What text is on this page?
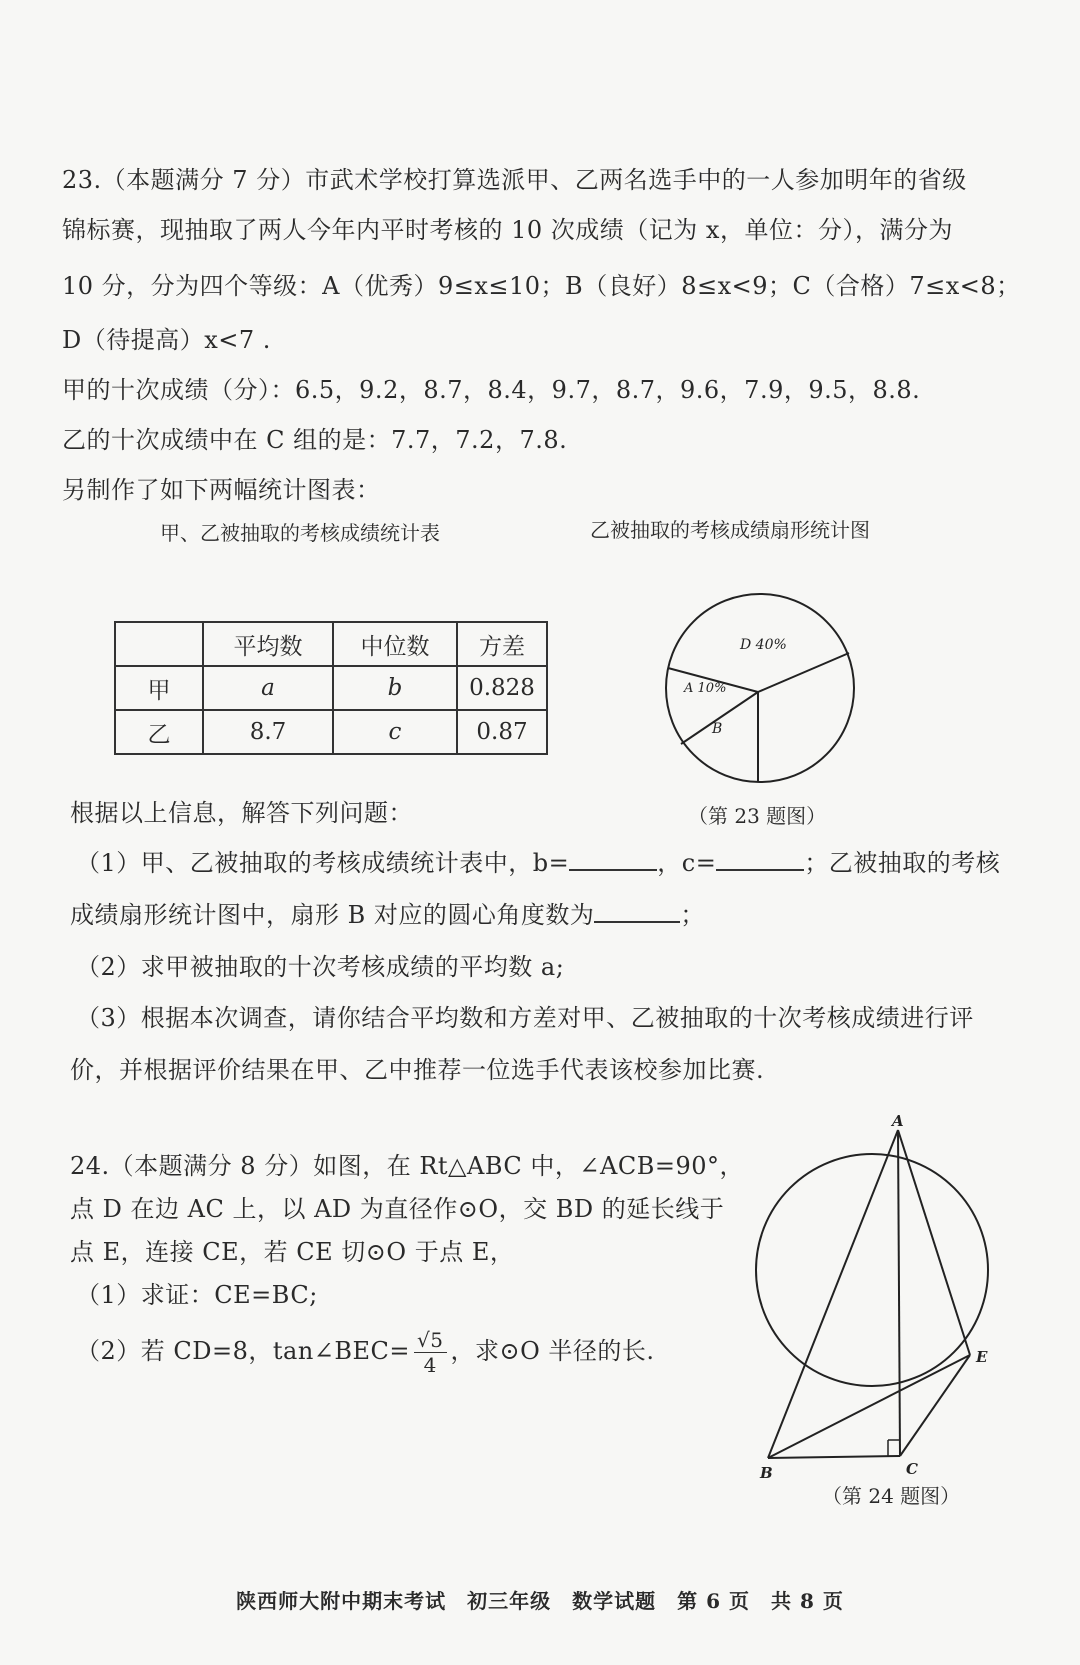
23.（本题满分 7 分）市武术学校打算选派甲、乙两名选手中的一人参加明年的省级
锦标赛，现抽取了两人今年内平时考核的 10 次成绩（记为 x，单位：分），满分为
10 分，分为四个等级：A（优秀）9≤x≤10；B（良好）8≤x<9；C（合格）7≤x<8；
D（待提高）x<7 .
甲的十次成绩（分）：6.5，9.2，8.7，8.4，9.7，8.7，9.6，7.9，9.5，8.8.
乙的十次成绩中在 C 组的是：7.7，7.2，7.8.
另制作了如下两幅统计图表：
甲、乙被抽取的考核成绩统计表	乙被抽取的考核成绩扇形统计图
	平均数	中位数	方差
甲	a	b	0.828
乙	8.7	c	0.87
D 40%
A 10%
B
根据以上信息，解答下列问题：	（第 23 题图）
（1）甲、乙被抽取的考核成绩统计表中，b=	，c=	；乙被抽取的考核
成绩扇形统计图中，扇形 B 对应的圆心角度数为	；
（2）求甲被抽取的十次考核成绩的平均数 a;
（3）根据本次调查，请你结合平均数和方差对甲、乙被抽取的十次考核成绩进行评
价，并根据评价结果在甲、乙中推荐一位选手代表该校参加比赛.
24.（本题满分 8 分）如图，在 Rt△ABC 中，∠ACB=90°，
点 D 在边 AC 上，以 AD 为直径作⊙O，交 BD 的延长线于
点 E，连接 CE，若 CE 切⊙O 于点 E，
（1）求证：CE=BC;
（2）若 CD=8，tan∠BEC= $\frac{√5}{4}$ ，求⊙O 半径的长.
A
B	C
E
（第 24 题图）
陕西师大附中期末考试　初三年级　数学试题　第 6 页　共 8 页
